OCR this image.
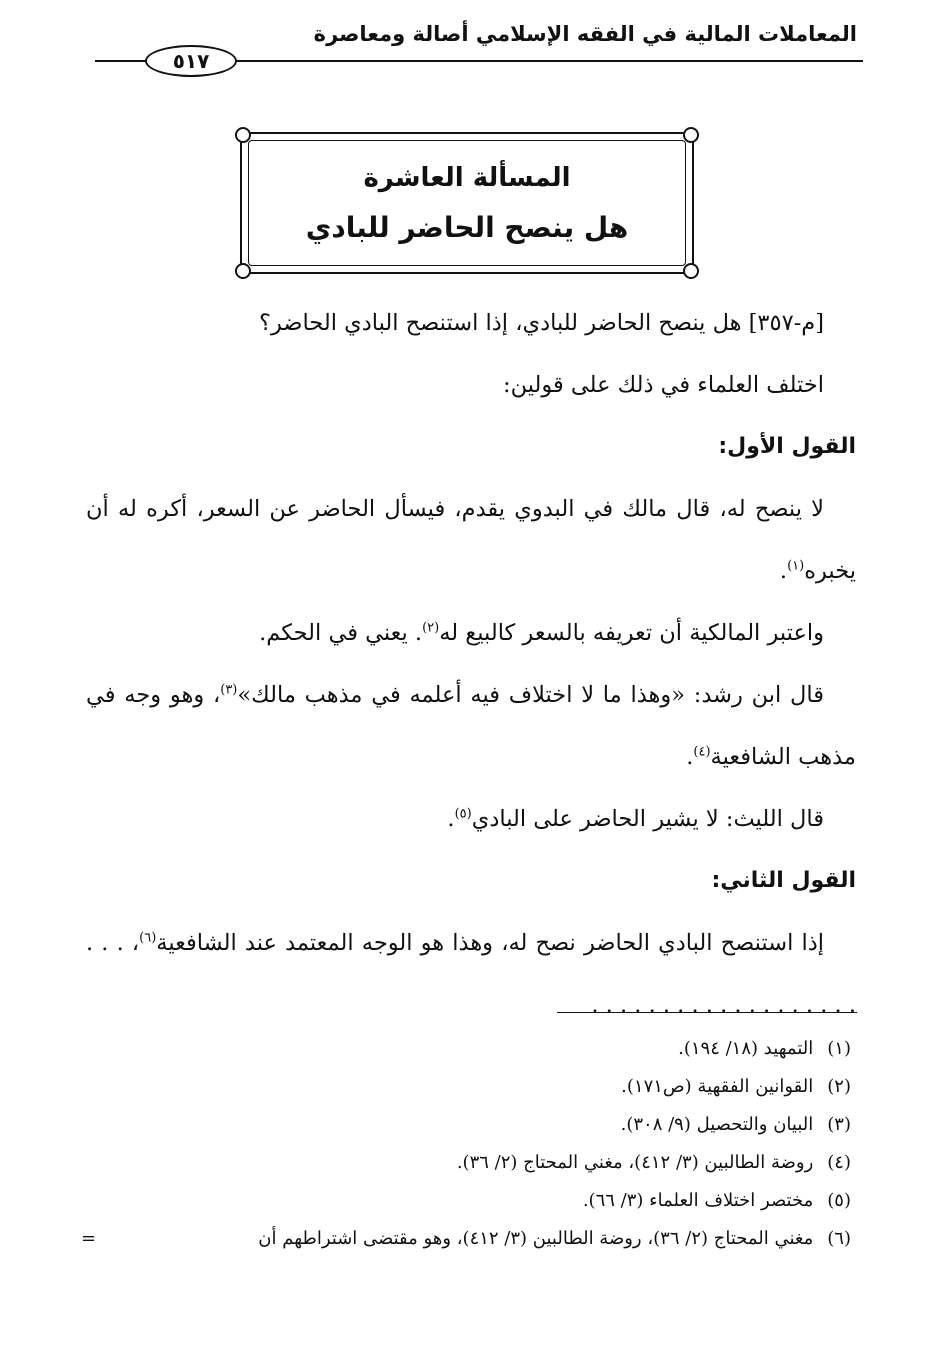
المعاملات المالية في الفقه الإسلامي أصالة ومعاصرة
٥١٧
المسألة العاشرة
هل ينصح الحاضر للبادي

[م-٣٥٧] هل ينصح الحاضر للبادي، إذا استنصح البادي الحاضر؟

اختلف العلماء في ذلك على قولين:

القول الأول:

لا ينصح له، قال مالك في البدوي يقدم، فيسأل الحاضر عن السعر، أكره له أن يخبره$^{(١)}$.

واعتبر المالكية أن تعريفه بالسعر كالبيع له$^{(٢)}$. يعني في الحكم.

قال ابن رشد: «وهذا ما لا اختلاف فيه أعلمه في مذهب مالك»$^{(٣)}$، وهو وجه في مذهب الشافعية$^{(٤)}$.

قال الليث: لا يشير الحاضر على البادي$^{(٥)}$.

القول الثاني:

إذا استنصح البادي الحاضر نصح له، وهذا هو الوجه المعتمد عند الشافعية$^{(٦)}$، . . . . . . . . . . . . . . . . . . . . . .

(١)التمهيد (١٨/ ١٩٤).
(٢)القوانين الفقهية (ص١٧١).
(٣)البيان والتحصيل (٩/ ٣٠٨).
(٤)روضة الطالبين (٣/ ٤١٢)، مغني المحتاج (٢/ ٣٦).
(٥)مختصر اختلاف العلماء (٣/ ٦٦).
(٦)مغني المحتاج (٢/ ٣٦)، روضة الطالبين (٣/ ٤١٢)، وهو مقتضى اشتراطهم أن
=
